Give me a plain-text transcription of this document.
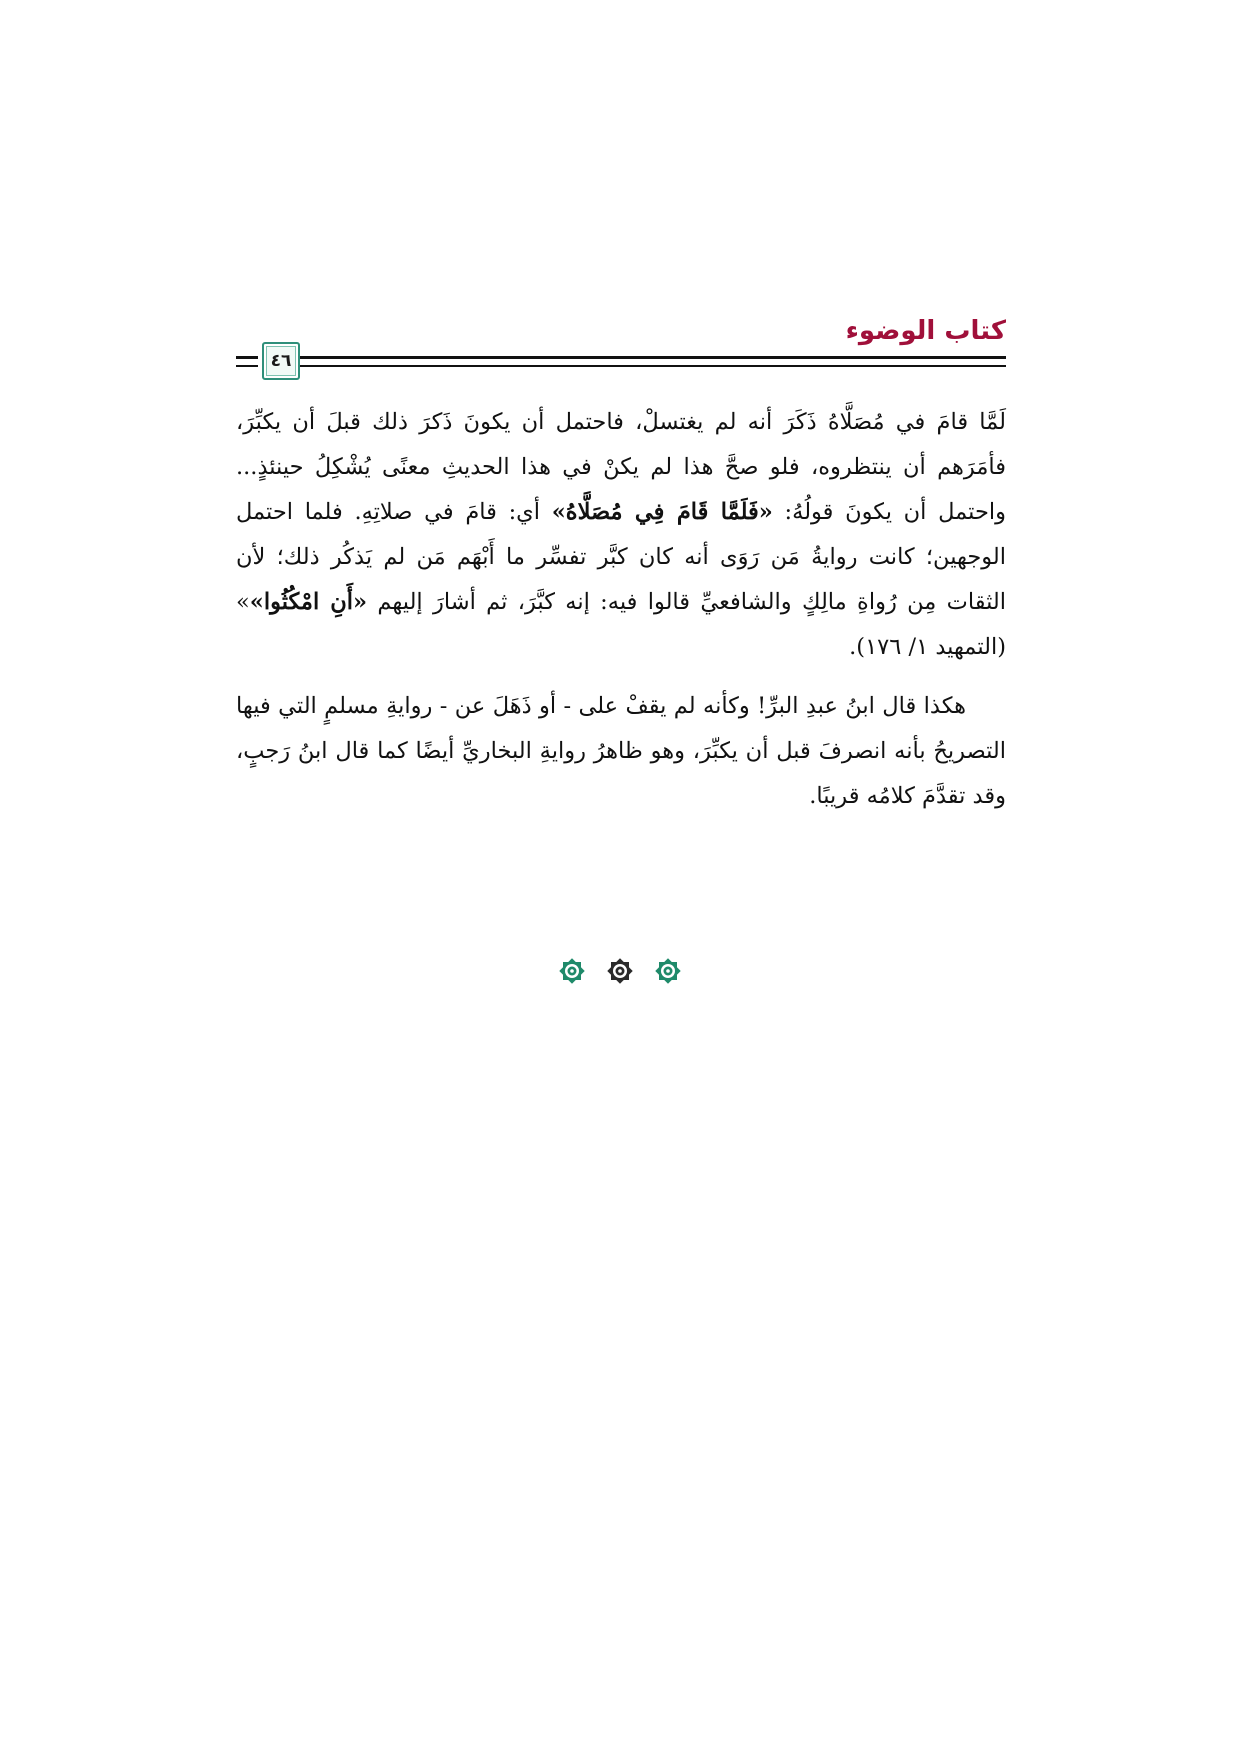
كتاب الوضوء
٤٦

لَمَّا قامَ في مُصَلَّاهُ ذَكَرَ أنه لم يغتسلْ، فاحتمل أن يكونَ ذَكرَ ذلك قبلَ أن يكبِّرَ، فأمَرَهم أن ينتظروه، فلو صحَّ هذا لم يكنْ في هذا الحديثِ معنًى يُشْكِلُ حينئذٍ... واحتمل أن يكونَ قولُهُ: «فَلَمَّا قَامَ فِي مُصَلَّاهُ» أي: قامَ في صلاتِهِ. فلما احتمل الوجهين؛ كانت روايةُ مَن رَوَى أنه كان كبَّر تفسِّر ما أَبْهَم مَن لم يَذكُر ذلك؛ لأن الثقات مِن رُواةِ مالِكٍ والشافعيِّ قالوا فيه: إنه كبَّرَ، ثم أشارَ إليهم «أَنِ امْكُثُوا»» (التمهيد ١/ ١٧٦).

هكذا قال ابنُ عبدِ البرِّ! وكأنه لم يقفْ على - أو ذَهَلَ عن - روايةِ مسلمٍ التي فيها التصريحُ بأنه انصرفَ قبل أن يكبِّرَ، وهو ظاهرُ روايةِ البخاريِّ أيضًا كما قال ابنُ رَجبٍ، وقد تقدَّمَ كلامُه قريبًا.
